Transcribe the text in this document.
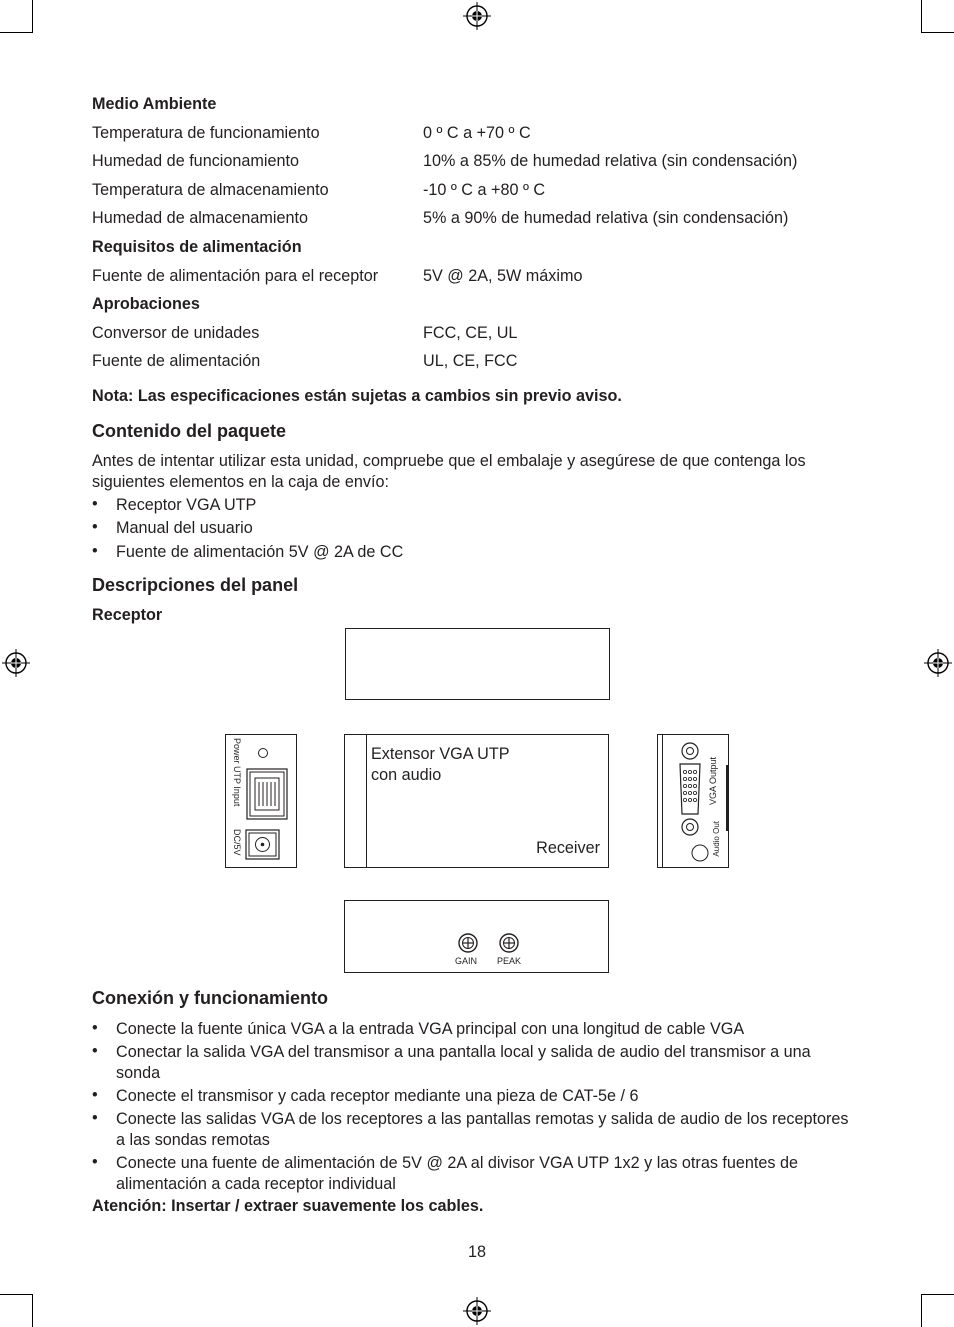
Medio Ambiente
Temperatura de funcionamiento	0 º C a +70 º C
Humedad de funcionamiento	10% a 85% de humedad relativa (sin condensación)
Temperatura de almacenamiento	-10 º C a +80 º C
Humedad de almacenamiento	5% a 90% de humedad relativa (sin condensación)
Requisitos de alimentación
Fuente de alimentación para el receptor	5V @ 2A, 5W máximo
Aprobaciones
Conversor de unidades	FCC, CE, UL
Fuente de alimentación	UL, CE, FCC
Nota: Las especificaciones están sujetas a cambios sin previo aviso.
Contenido del paquete
Antes de intentar utilizar esta unidad, compruebe que el embalaje y asegúrese de que contenga los siguientes elementos en la caja de envío:
• Receptor VGA UTP
• Manual del usuario
• Fuente de alimentación 5V @ 2A de CC
Descripciones del panel
Receptor
Power UTP Input
DC/5V
Extensor VGA UTP
con audio
Receiver
VGA Output
Audio Out
GAIN PEAK
Conexión y funcionamiento
• Conecte la fuente única VGA a la entrada VGA principal con una longitud de cable VGA
• Conectar la salida VGA del transmisor a una pantalla local y salida de audio del transmisor a una sonda
• Conecte el transmisor y cada receptor mediante una pieza de CAT-5e / 6
• Conecte las salidas VGA de los receptores a las pantallas remotas y salida de audio de los receptores a las sondas remotas
• Conecte una fuente de alimentación de 5V @ 2A al divisor VGA UTP 1x2 y las otras fuentes de alimentación a cada receptor individual
Atención: Insertar / extraer suavemente los cables.
18
